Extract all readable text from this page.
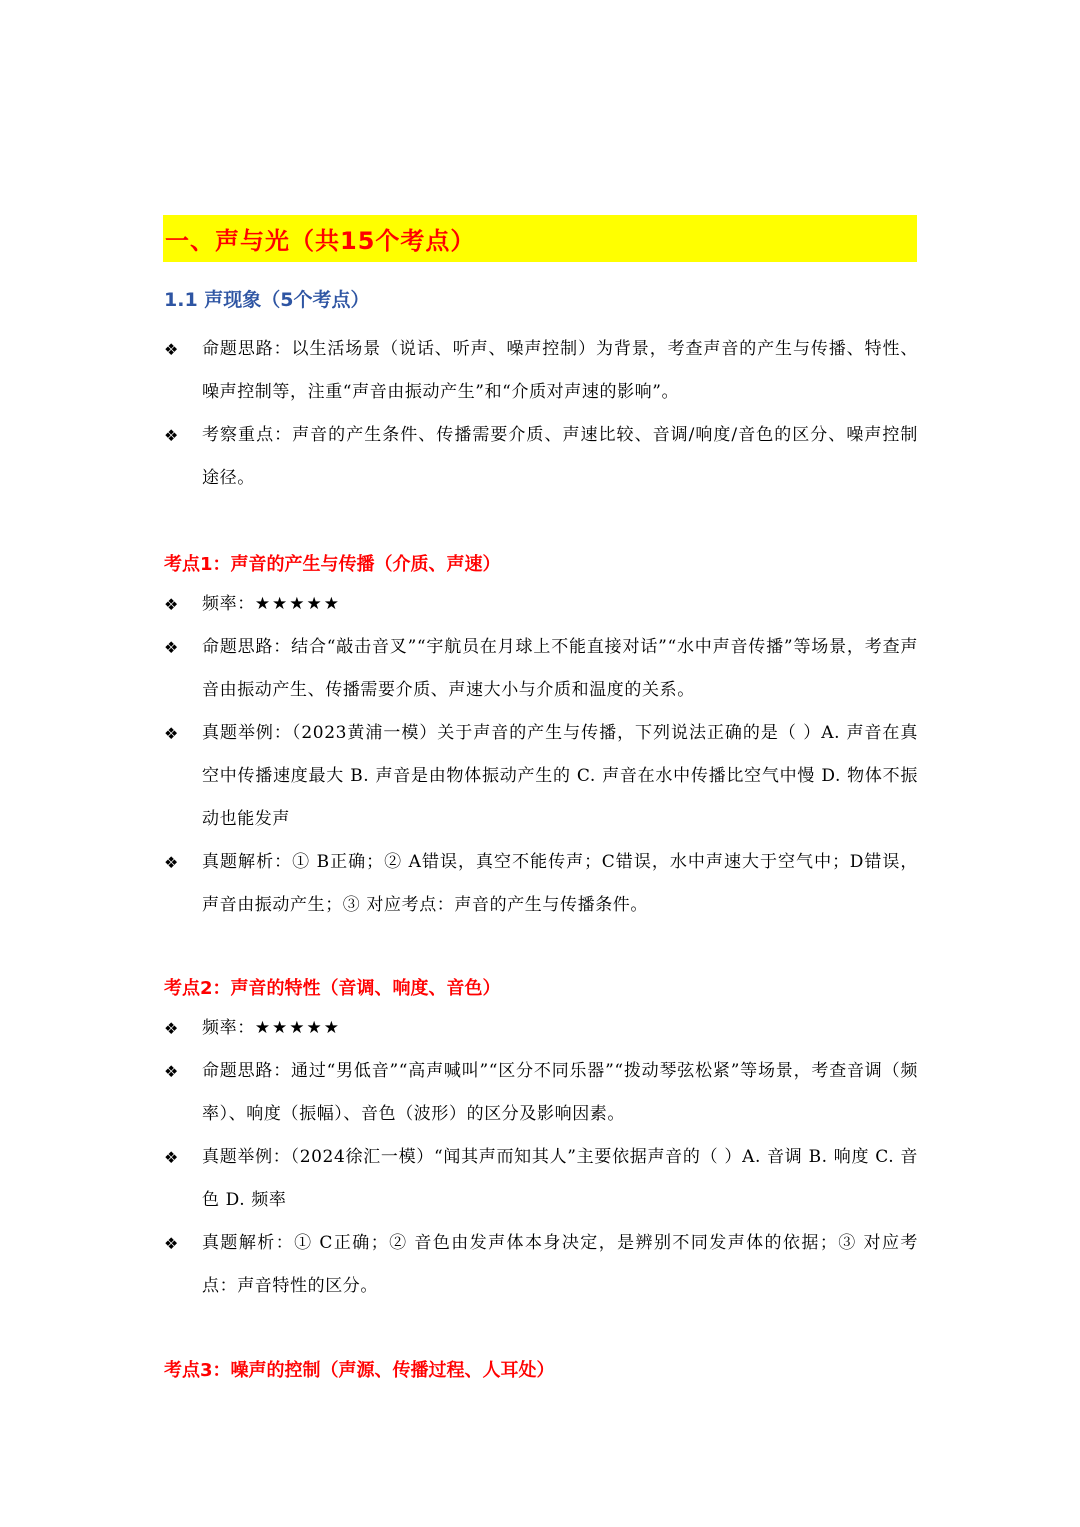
一、声与光（共15个考点）
1.1 声现象（5个考点）
❖	命题思路：以生活场景（说话、听声、噪声控制）为背景，考查声音的产生与传播、特性、噪声控制等，注重“声音由振动产生”和“介质对声速的影响”。
❖	考察重点：声音的产生条件、传播需要介质、声速比较、音调/响度/音色的区分、噪声控制途径。
考点1：声音的产生与传播（介质、声速）
❖	频率：★★★★★
❖	命题思路：结合“敲击音叉”“宇航员在月球上不能直接对话”“水中声音传播”等场景，考查声音由振动产生、传播需要介质、声速大小与介质和温度的关系。
❖	真题举例：（2023黄浦一模）关于声音的产生与传播，下列说法正确的是（ ）A. 声音在真空中传播速度最大 B. 声音是由物体振动产生的 C. 声音在水中传播比空气中慢 D. 物体不振动也能发声
❖	真题解析：① B正确；② A错误，真空不能传声；C错误，水中声速大于空气中；D错误，声音由振动产生；③ 对应考点：声音的产生与传播条件。
考点2：声音的特性（音调、响度、音色）
❖	频率：★★★★★
❖	命题思路：通过“男低音”“高声喊叫”“区分不同乐器”“拨动琴弦松紧”等场景，考查音调（频率）、响度（振幅）、音色（波形）的区分及影响因素。
❖	真题举例：（2024徐汇一模）“闻其声而知其人”主要依据声音的（ ）A. 音调 B. 响度 C. 音色 D. 频率
❖	真题解析：① C正确；② 音色由发声体本身决定，是辨别不同发声体的依据；③ 对应考点：声音特性的区分。
考点3：噪声的控制（声源、传播过程、人耳处）
